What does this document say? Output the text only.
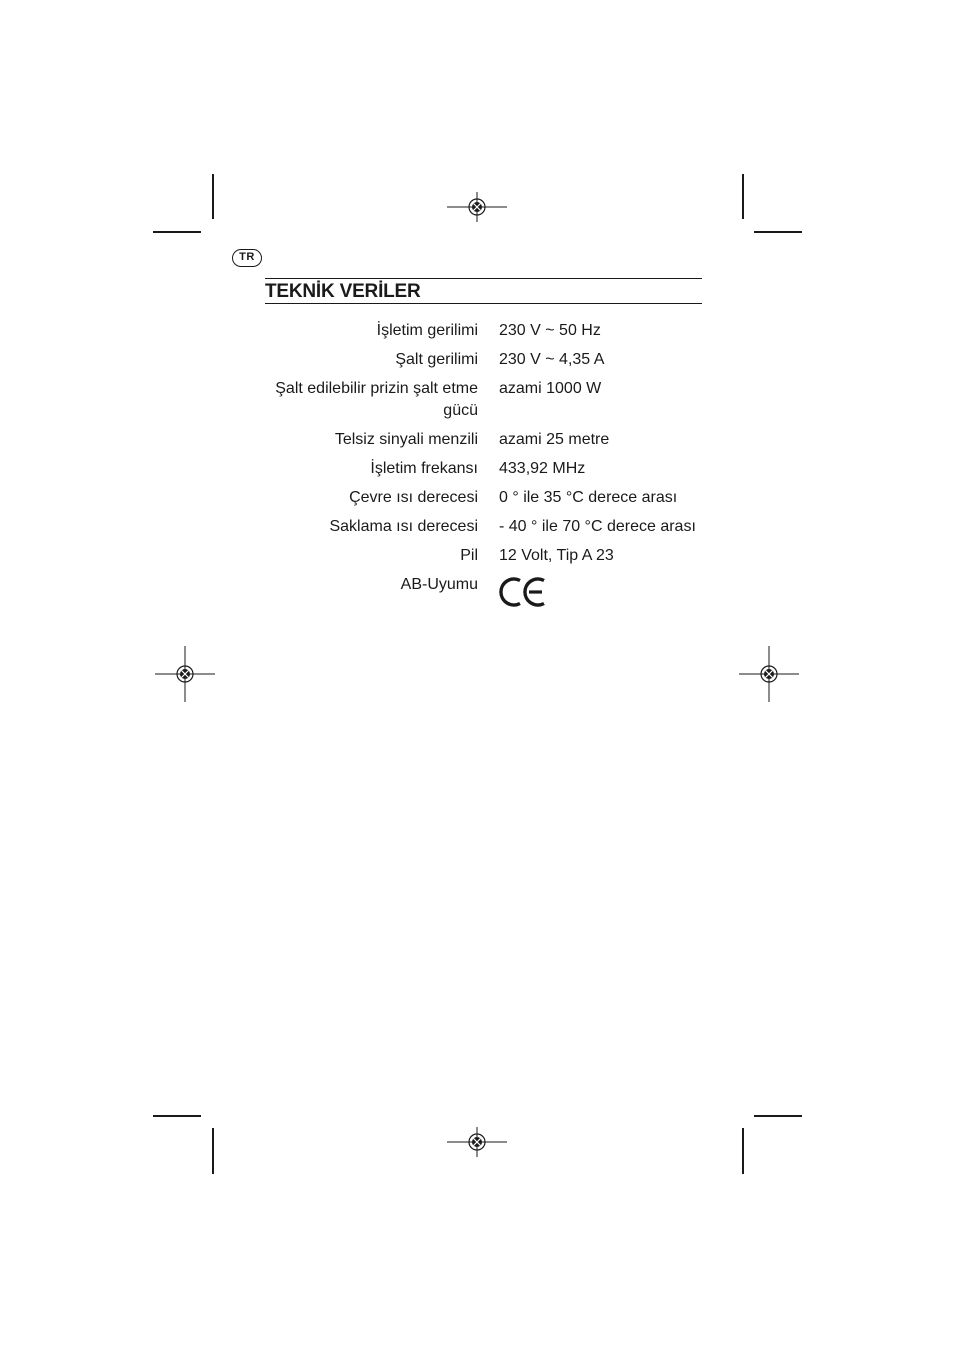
TR
TEKNİK VERİLER
İşletim gerilimi 230 V ~ 50 Hz
Şalt gerilimi 230 V ~ 4,35 A
Şalt edilebilir prizin şalt etme gücü
azami 1000 W
Telsiz sinyali menzili azami 25 metre
İşletim frekansı 433,92 MHz
Çevre ısı derecesi 0 ° ile 35 °C derece arası
Saklama ısı derecesi - 40 ° ile 70 °C derece arası
Pil 12 Volt, Tip A 23
AB-Uyumu
